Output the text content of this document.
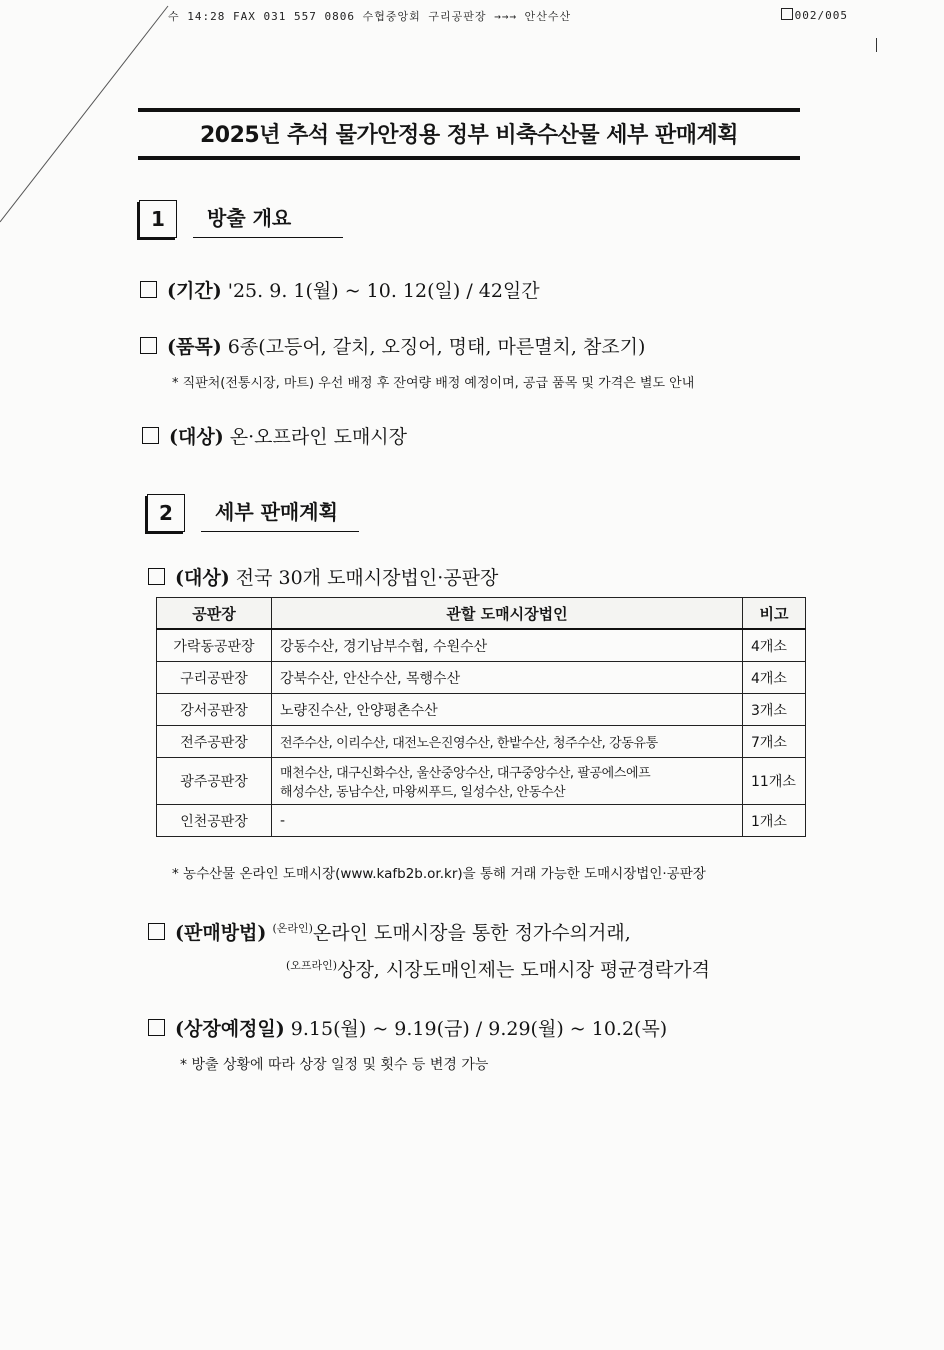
수 14:28 FAX 031 557 0806 수협중앙회 구리공판장 →→→ 안산수산	002/005
2025년 추석 물가안정용 정부 비축수산물 세부 판매계획
1	방출 개요
(기간) '25. 9. 1(월) ~ 10. 12(일) / 42일간
(품목) 6종(고등어, 갈치, 오징어, 명태, 마른멸치, 참조기)
* 직판처(전통시장, 마트) 우선 배정 후 잔여량 배정 예정이며, 공급 품목 및 가격은 별도 안내
(대상) 온·오프라인 도매시장
2	세부 판매계획
(대상) 전국 30개 도매시장법인·공판장
공판장	관할 도매시장법인	비고
가락동공판장	강동수산, 경기남부수협, 수원수산	4개소
구리공판장	강북수산, 안산수산, 목행수산	4개소
강서공판장	노량진수산, 안양평촌수산	3개소
전주공판장	전주수산, 이리수산, 대전노은진영수산, 한밭수산, 청주수산, 강동유통	7개소
광주공판장	매천수산, 대구신화수산, 울산중앙수산, 대구중앙수산, 팔공에스에프
해성수산, 동남수산, 마왕씨푸드, 일성수산, 안동수산	11개소
인천공판장	-	1개소
* 농수산물 온라인 도매시장(www.kafb2b.or.kr)을 통해 거래 가능한 도매시장법인·공판장
(판매방법) $^{(온라인)}$온라인 도매시장을 통한 정가수의거래,
$^{(오프라인)}$상장, 시장도매인제는 도매시장 평균경락가격
(상장예정일) 9.15(월) ~ 9.19(금) / 9.29(월) ~ 10.2(목)
* 방출 상황에 따라 상장 일정 및 횟수 등 변경 가능
